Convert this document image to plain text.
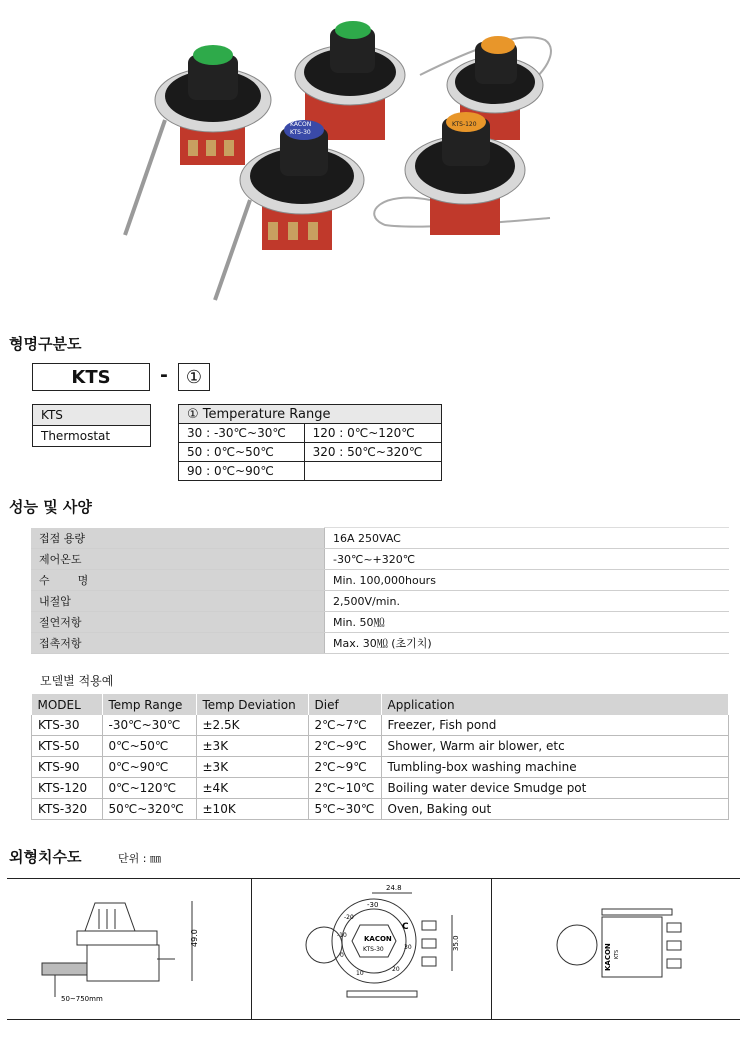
KTS-30
KTS-120
KACON
형명구분도
KTS	-	①
KTS
Thermostat
① Temperature Range	
30 : -30℃~30℃	120 : 0℃~120℃
50 : 0℃~50℃	320 : 50℃~320℃
90 : 0℃~90℃	
성능 및 사양
접점 용량	16A 250VAC
제어온도	-30℃~+320℃
수        명	Min. 100,000hours
내절압	2,500V/min.
절연저항	Min. 50㏁
접촉저항	Max. 30㏁ (초기치)
모델별 적용예
MODEL	Temp Range	Temp Deviation	Dief	Application
KTS-30	-30℃~30℃	±2.5K	2℃~7℃	Freezer, Fish pond
KTS-50	0℃~50℃	±3K	2℃~9℃	Shower, Warm air blower, etc
KTS-90	0℃~90℃	±3K	2℃~9℃	Tumbling-box washing machine
KTS-120	0℃~120℃	±4K	2℃~10℃	Boiling water device Smudge pot
KTS-320	50℃~320℃	±10K	5℃~30℃	Oven, Baking out
외형치수도	단위 : ㎜
49.0
50~750mm
24.8
KACON
KTS-30
-30
-20
-10
0
10
20
30
C
35.0	KACON KTS
